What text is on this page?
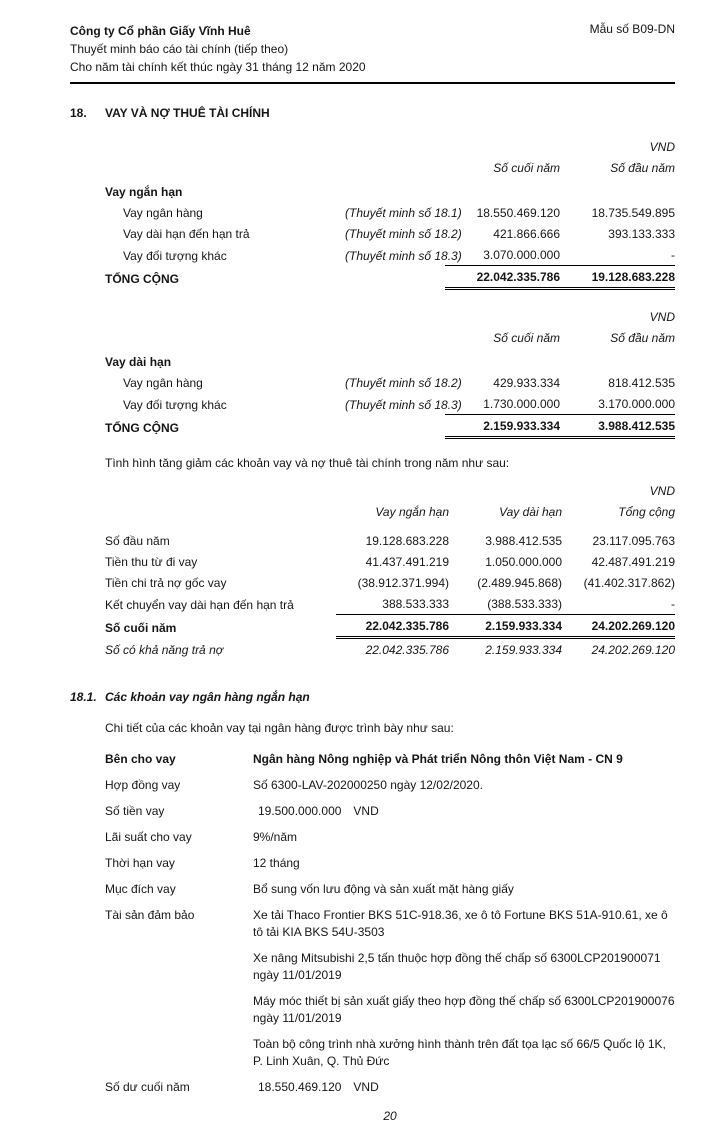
Công ty Cổ phần Giấy Vĩnh Huê
Thuyết minh báo cáo tài chính (tiếp theo)
Cho năm tài chính kết thúc ngày 31 tháng 12 năm 2020
Mẫu số B09-DN
18.	VAY VÀ NỢ THUÊ TÀI CHÍNH
			VND
		Số cuối năm	Số đầu năm
Vay ngắn hạn			
Vay ngân hàng	(Thuyết minh số 18.1)	18.550.469.120	18.735.549.895
Vay dài hạn đến hạn trả	(Thuyết minh số 18.2)	421.866.666	393.133.333
Vay đối tượng khác	(Thuyết minh số 18.3)	3.070.000.000	-
TỔNG CỘNG		22.042.335.786	19.128.683.228
			VND
		Số cuối năm	Số đầu năm
Vay dài hạn			
Vay ngân hàng	(Thuyết minh số 18.2)	429.933.334	818.412.535
Vay đối tượng khác	(Thuyết minh số 18.3)	1.730.000.000	3.170.000.000
TỔNG CỘNG		2.159.933.334	3.988.412.535
Tình hình tăng giảm các khoản vay và nợ thuê tài chính trong năm như sau:
			VND
	Vay ngắn hạn	Vay dài hạn	Tổng cộng
Số đầu năm	19.128.683.228	3.988.412.535	23.117.095.763
Tiền thu từ đi vay	41.437.491.219	1.050.000.000	42.487.491.219
Tiền chi trả nợ gốc vay	(38.912.371.994)	(2.489.945.868)	(41.402.317.862)
Kết chuyển vay dài hạn đến hạn trả	388.533.333	(388.533.333)	-
Số cuối năm	22.042.335.786	2.159.933.334	24.202.269.120
Số có khả năng trả nợ	22.042.335.786	2.159.933.334	24.202.269.120
18.1. Các khoản vay ngân hàng ngắn hạn
Chi tiết của các khoản vay tại ngân hàng được trình bày như sau:
Bên cho vay	Ngân hàng Nông nghiệp và Phát triển Nông thôn Việt Nam - CN 9
Hợp đồng vay	Số 6300-LAV-202000250 ngày 12/02/2020.
Số tiền vay	19.500.000.000 VND
Lãi suất cho vay	9%/năm
Thời hạn vay	12 tháng
Mục đích vay	Bổ sung vốn lưu động và sản xuất mặt hàng giấy
Tài sản đảm bảo	Xe tải Thaco Frontier BKS 51C-918.36, xe ô tô Fortune BKS 51A-910.61, xe ô tô tải KIA BKS 54U-3503

Xe nâng Mitsubishi 2,5 tấn thuộc hợp đồng thế chấp số 6300LCP201900071 ngày 11/01/2019

Máy móc thiết bị sản xuất giấy theo hợp đồng thế chấp số 6300LCP201900076 ngày 11/01/2019

Toàn bộ công trình nhà xưởng hình thành trên đất tọa lạc số 66/5 Quốc lộ 1K, P. Linh Xuân, Q. Thủ Đức

Số dư cuối năm	18.550.469.120 VND
20
